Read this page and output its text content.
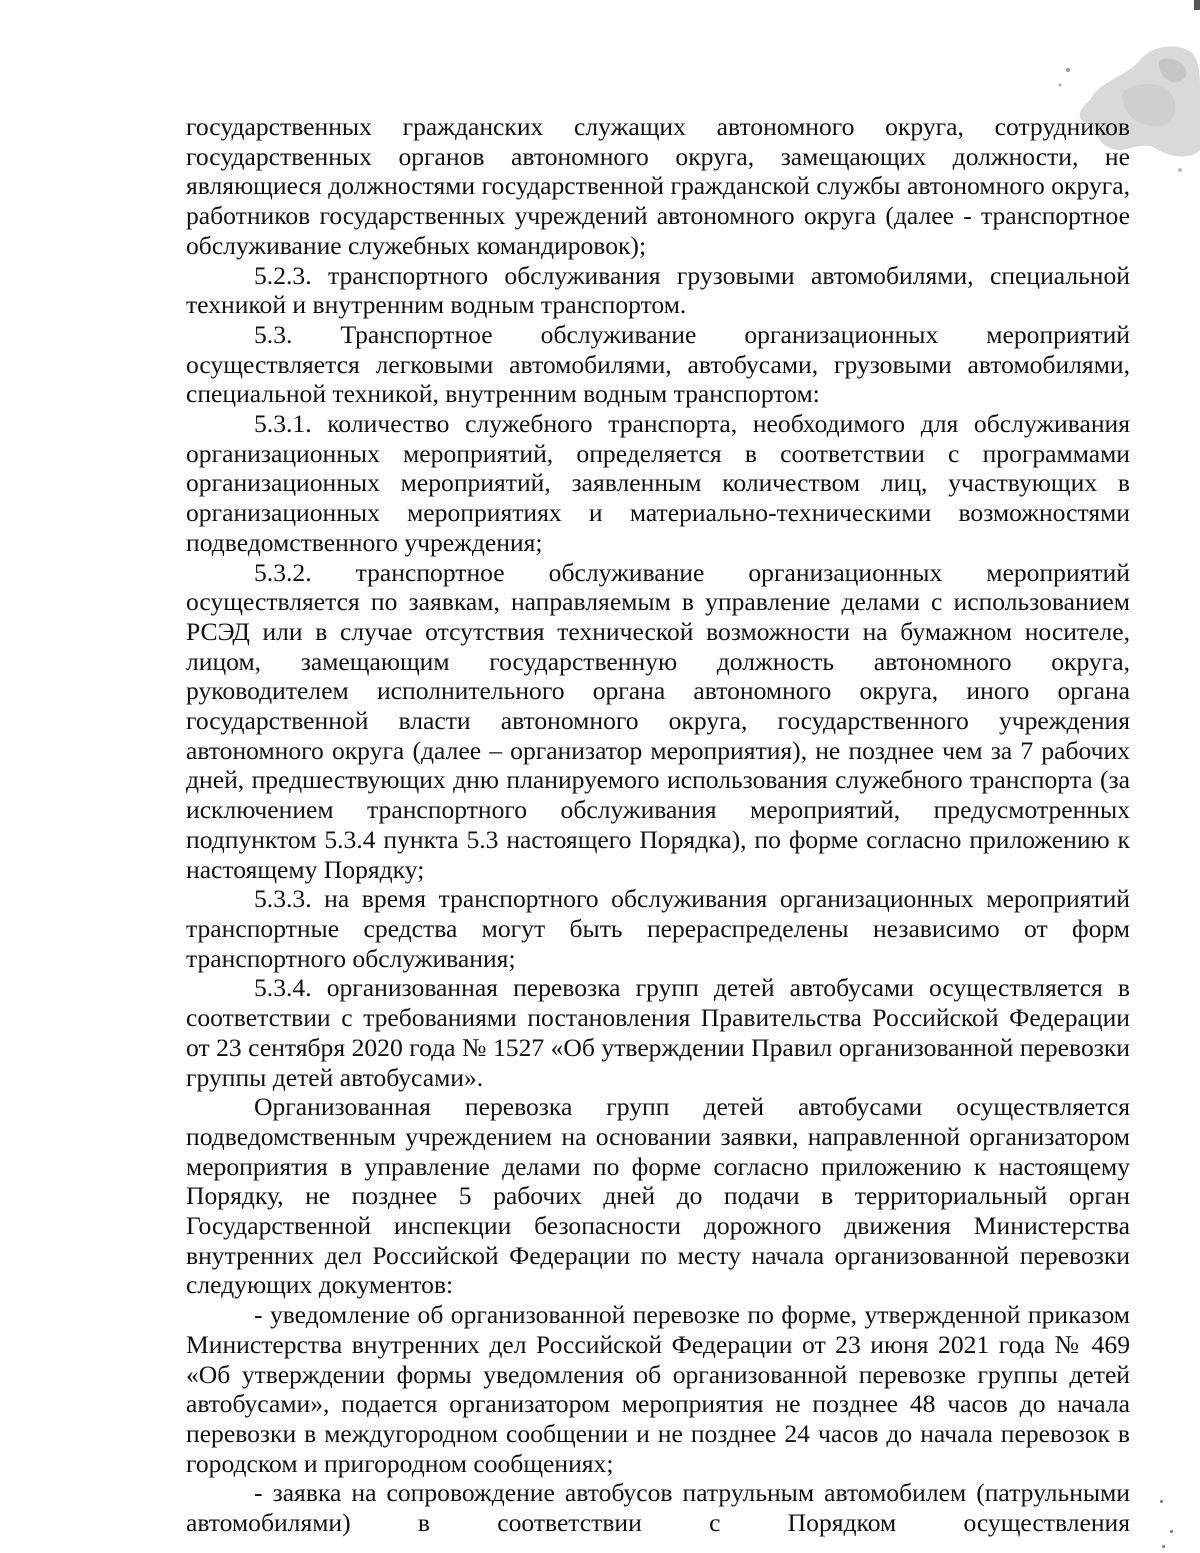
государственных гражданских служащих автономного округа, сотрудников государственных органов автономного округа, замещающих должности, не являющиеся должностями государственной гражданской службы автономного округа, работников государственных учреждений автономного округа (далее - транспортное обслуживание служебных командировок);

5.2.3. транспортного обслуживания грузовыми автомобилями, специальной техникой и внутренним водным транспортом.

5.3. Транспортное обслуживание организационных мероприятий осуществляется легковыми автомобилями, автобусами, грузовыми автомобилями, специальной техникой, внутренним водным транспортом:

5.3.1. количество служебного транспорта, необходимого для обслуживания организационных мероприятий, определяется в соответствии с программами организационных мероприятий, заявленным количеством лиц, участвующих в организационных мероприятиях и материально-техническими возможностями подведомственного учреждения;

5.3.2. транспортное обслуживание организационных мероприятий осуществляется по заявкам, направляемым в управление делами с использованием РСЭД или в случае отсутствия технической возможности на бумажном носителе, лицом, замещающим государственную должность автономного округа, руководителем исполнительного органа автономного округа, иного органа государственной власти автономного округа, государственного учреждения автономного округа (далее – организатор мероприятия), не позднее чем за 7 рабочих дней, предшествующих дню планируемого использования служебного транспорта (за исключением транспортного обслуживания мероприятий, предусмотренных подпунктом 5.3.4 пункта 5.3 настоящего Порядка), по форме согласно приложению к настоящему Порядку;

5.3.3. на время транспортного обслуживания организационных мероприятий транспортные средства могут быть перераспределены независимо от форм транспортного обслуживания;

5.3.4. организованная перевозка групп детей автобусами осуществляется в соответствии с требованиями постановления Правительства Российской Федерации от 23 сентября 2020 года № 1527 «Об утверждении Правил организованной перевозки группы детей автобусами».

Организованная перевозка групп детей автобусами осуществляется подведомственным учреждением на основании заявки, направленной организатором мероприятия в управление делами по форме согласно приложению к настоящему Порядку, не позднее 5 рабочих дней до подачи в территориальный орган Государственной инспекции безопасности дорожного движения Министерства внутренних дел Российской Федерации по месту начала организованной перевозки следующих документов:

- уведомление об организованной перевозке по форме, утвержденной приказом Министерства внутренних дел Российской Федерации от 23 июня 2021 года № 469 «Об утверждении формы уведомления об организованной перевозке группы детей автобусами», подается организатором мероприятия не позднее 48 часов до начала перевозки в междугородном сообщении и не позднее 24 часов до начала перевозок в городском и пригородном сообщениях;

- заявка на сопровождение автобусов патрульным автомобилем (патрульными автомобилями) в соответствии с Порядком осуществления
